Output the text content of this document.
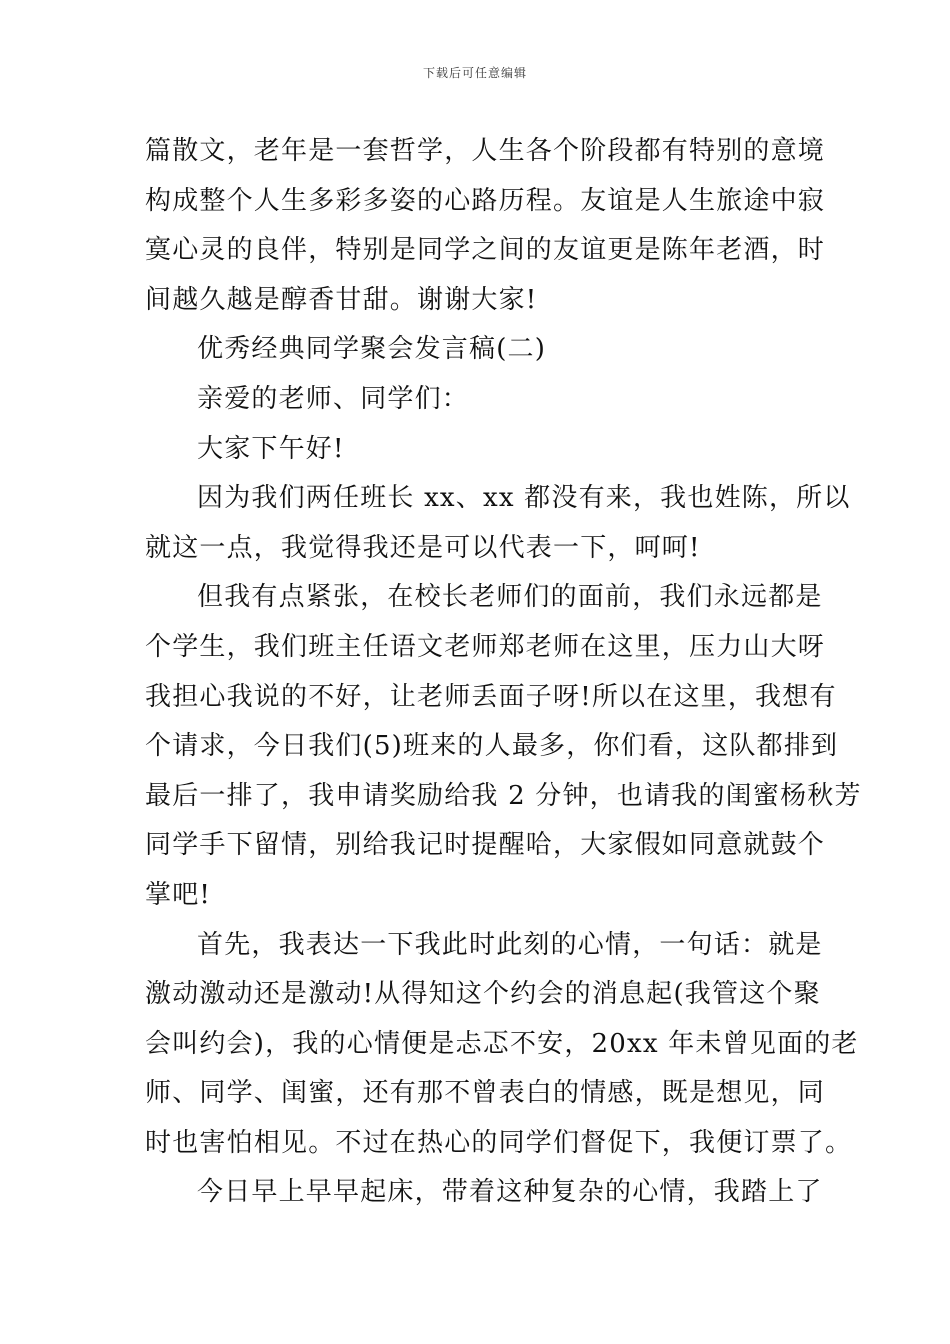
下载后可任意编辑
篇散文，老年是一套哲学，人生各个阶段都有特别的意境
构成整个人生多彩多姿的心路历程。友谊是人生旅途中寂
寞心灵的良伴，特别是同学之间的友谊更是陈年老酒，时
间越久越是醇香甘甜。谢谢大家!
优秀经典同学聚会发言稿(二)
亲爱的老师、同学们：
大家下午好!
因为我们两任班长 xx、xx 都没有来，我也姓陈，所以
就这一点，我觉得我还是可以代表一下，呵呵!
但我有点紧张，在校长老师们的面前，我们永远都是
个学生，我们班主任语文老师郑老师在这里，压力山大呀
我担心我说的不好，让老师丢面子呀!所以在这里，我想有
个请求，今日我们(5)班来的人最多，你们看，这队都排到
最后一排了，我申请奖励给我 2 分钟，也请我的闺蜜杨秋芳
同学手下留情，别给我记时提醒哈，大家假如同意就鼓个
掌吧!
首先，我表达一下我此时此刻的心情，一句话：就是
激动激动还是激动!从得知这个约会的消息起(我管这个聚
会叫约会)，我的心情便是忐忑不安，20xx 年未曾见面的老
师、同学、闺蜜，还有那不曾表白的情感，既是想见，同
时也害怕相见。不过在热心的同学们督促下，我便订票了。
今日早上早早起床，带着这种复杂的心情，我踏上了
